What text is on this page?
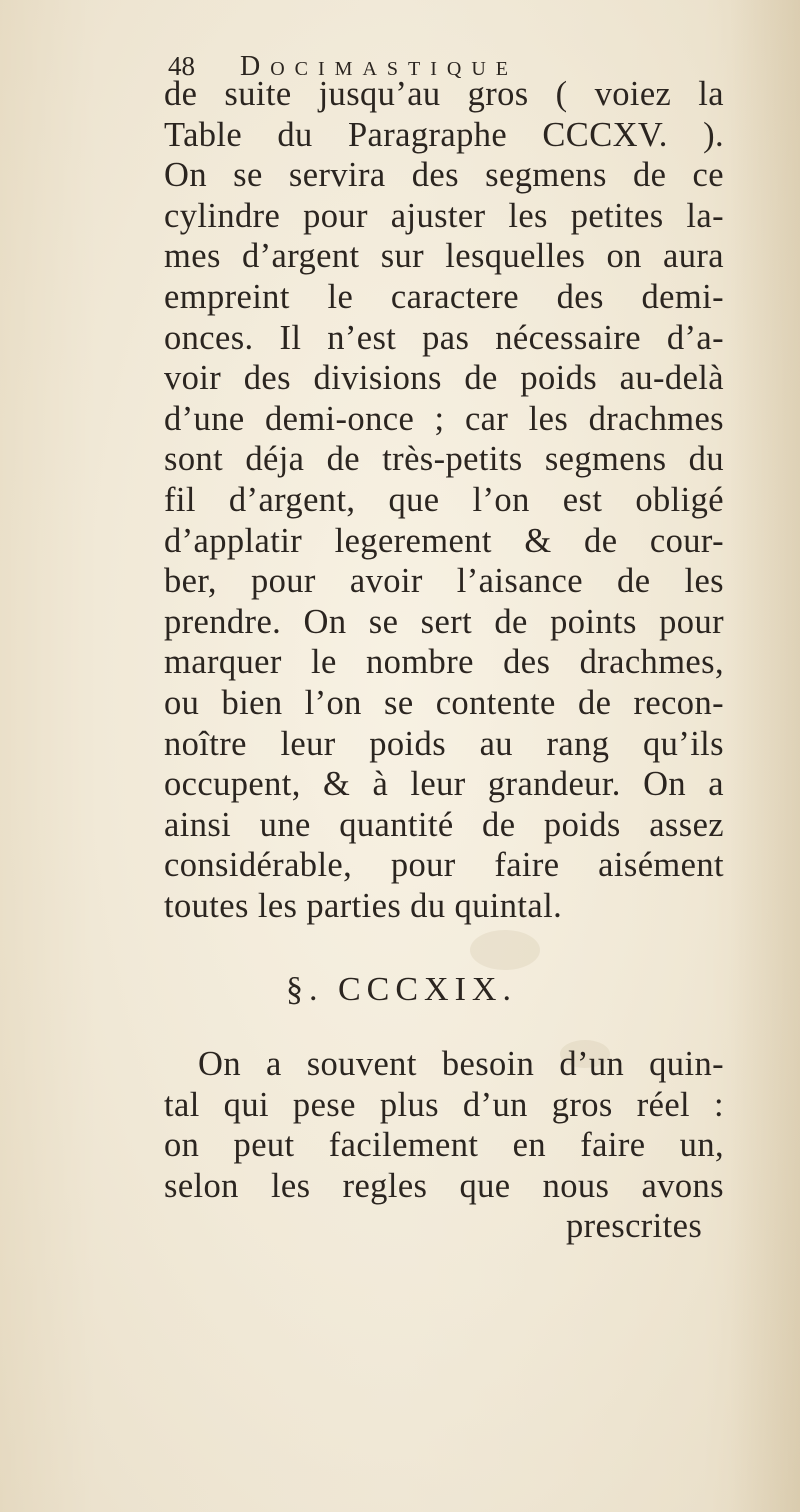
48 Docimastique
de suite jusqu’au gros ( voiez la
Table du Paragraphe CCCXV. ).
On se servira des segmens de ce
cylindre pour ajuster les petites la-
mes d’argent sur lesquelles on aura
empreint le caractere des demi-
onces. Il n’est pas nécessaire d’a-
voir des divisions de poids au-delà
d’une demi-once ; car les drachmes
sont déja de très-petits segmens du
fil d’argent, que l’on est obligé
d’applatir legerement & de cour-
ber, pour avoir l’aisance de les
prendre. On se sert de points pour
marquer le nombre des drachmes,
ou bien l’on se contente de recon-
noître leur poids au rang qu’ils
occupent, & à leur grandeur. On a
ainsi une quantité de poids assez
considérable, pour faire aisément
toutes les parties du quintal.
§. CCCXIX.
On a souvent besoin d’un quin-
tal qui pese plus d’un gros réel :
on peut facilement en faire un,
selon les regles que nous avons
prescrites
